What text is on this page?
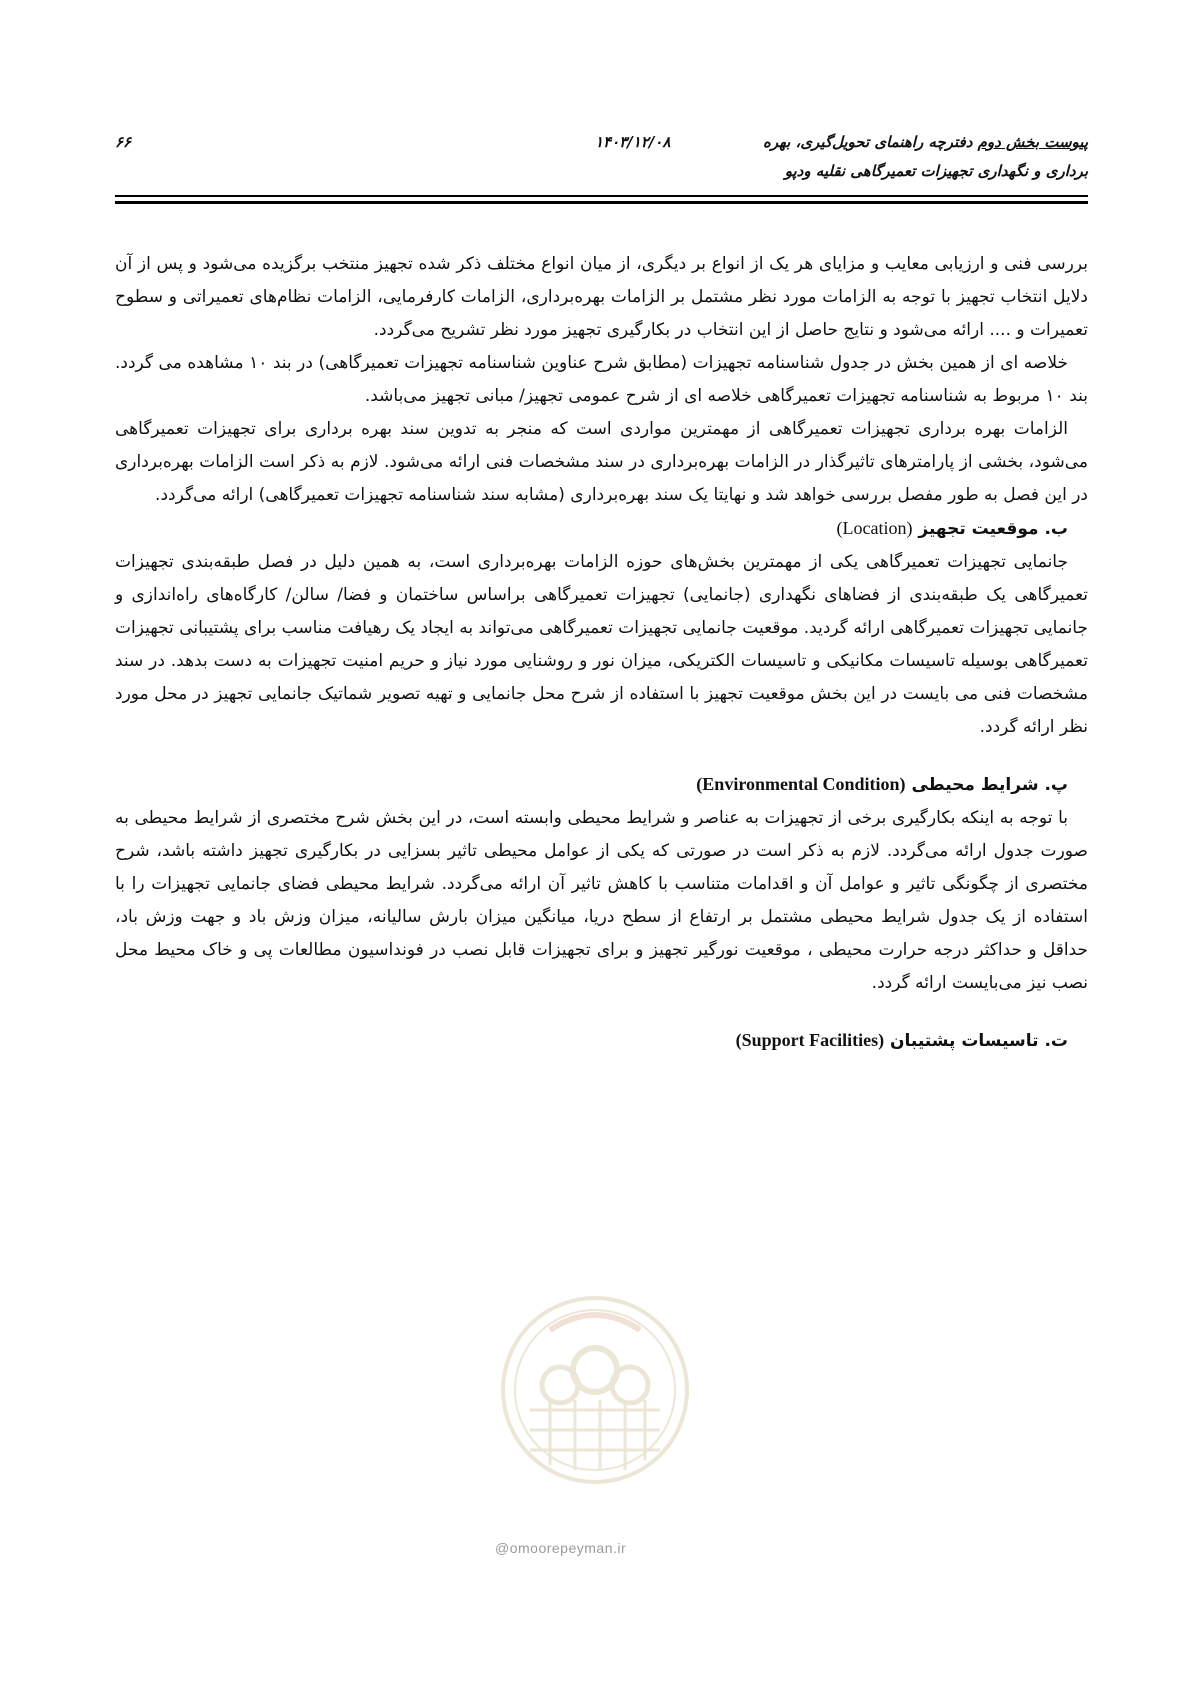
پیوست بخش دوم دفترچه راهنمای تحویل‌گیری، بهره
برداری و نگهداری تجهیزات تعمیرگاهی نقلیه ودپو
۱۴۰۳/۱۲/۰۸
۶۶

بررسی فنی و ارزیابی معایب و مزایای هر یک از انواع بر دیگری، از میان انواع مختلف ذکر شده تجهیز منتخب برگزیده می‌شود و پس از آن دلایل انتخاب تجهیز با توجه به الزامات مورد نظر مشتمل بر الزامات بهره‌برداری، الزامات کارفرمایی، الزامات نظام‌های تعمیراتی و سطوح تعمیرات و .... ارائه می‌شود و نتایج حاصل از این انتخاب در بکارگیری تجهیز مورد نظر تشریح می‌گردد.

خلاصه ای از همین بخش در جدول شناسنامه تجهیزات (مطابق شرح عناوین شناسنامه تجهیزات تعمیرگاهی) در بند ۱۰ مشاهده می گردد. بند ۱۰ مربوط به شناسنامه تجهیزات تعمیرگاهی خلاصه ای از شرح عمومی تجهیز/ مبانی تجهیز می‌باشد.

الزامات بهره برداری تجهیزات تعمیرگاهی از مهمترین مواردی است که منجر به تدوین سند بهره برداری برای تجهیزات تعمیرگاهی می‌شود، بخشی از پارامترهای تاثیرگذار در الزامات بهره‌برداری در سند مشخصات فنی ارائه می‌شود. لازم به ذکر است الزامات بهره‌برداری در این فصل به طور مفصل بررسی خواهد شد و نهایتا یک سند بهره‌برداری (مشابه سند شناسنامه تجهیزات تعمیرگاهی) ارائه می‌گردد.

ب. موقعیت تجهیز (Location)

جانمایی تجهیزات تعمیرگاهی یکی از مهمترین بخش‌های حوزه الزامات بهره‌برداری است، به همین دلیل در فصل طبقه‌بندی تجهیزات تعمیرگاهی یک طبقه‌بندی از فضاهای نگهداری (جانمایی) تجهیزات تعمیرگاهی براساس ساختمان و فضا/ سالن/ کارگاه‌های راه‌اندازی و جانمایی تجهیزات تعمیرگاهی ارائه گردید. موقعیت جانمایی تجهیزات تعمیرگاهی می‌تواند به ایجاد یک رهیافت مناسب برای پشتیبانی تجهیزات تعمیرگاهی بوسیله تاسیسات مکانیکی و تاسیسات الکتریکی، میزان نور و روشنایی مورد نیاز و حریم امنیت تجهیزات به دست بدهد. در سند مشخصات فنی می بایست در این بخش موقعیت تجهیز با استفاده از شرح محل جانمایی و تهیه تصویر شماتیک جانمایی تجهیز در محل مورد نظر ارائه گردد.

پ. شرایط محیطی (Environmental Condition)

با توجه به اینکه بکارگیری برخی از تجهیزات به عناصر و شرایط محیطی وابسته است، در این بخش شرح مختصری از شرایط محیطی به صورت جدول ارائه می‌گردد. لازم به ذکر است در صورتی که یکی از عوامل محیطی تاثیر بسزایی در بکارگیری تجهیز داشته باشد، شرح مختصری از چگونگی تاثیر و عوامل آن و اقدامات متناسب با کاهش تاثیر آن ارائه می‌گردد. شرایط محیطی فضای جانمایی تجهیزات را با استفاده از یک جدول شرایط محیطی مشتمل بر ارتفاع از سطح دریا، میانگین میزان بارش سالیانه، میزان وزش باد و جهت وزش باد، حداقل و حداکثر درجه حرارت محیطی ، موقعیت نورگیر تجهیز و برای تجهیزات قابل نصب در فونداسیون مطالعات پی و خاک محیط محل نصب نیز می‌بایست ارائه گردد.

ت. تاسیسات پشتیبان (Support Facilities)

@omoorepeyman.ir
